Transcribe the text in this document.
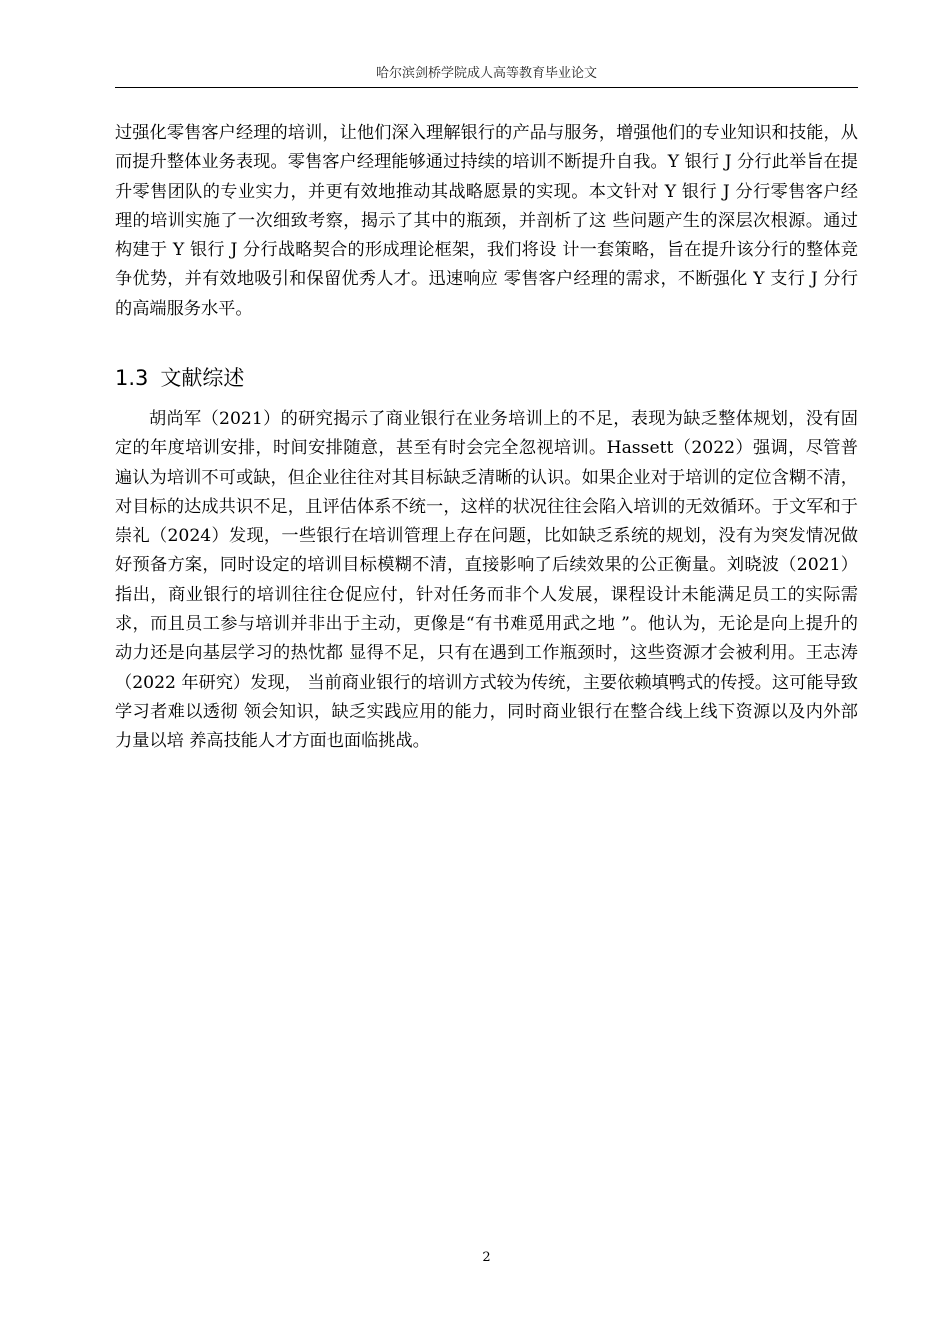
哈尔滨剑桥学院成人高等教育毕业论文

过强化零售客户经理的培训，让他们深入理解银行的产品与服务，增强他们的专业知识和技能，从而提升整体业务表现。零售客户经理能够通过持续的培训不断提升自我。Y 银行 J 分行此举旨在提升零售团队的专业实力，并更有效地推动其战略愿景的实现。本文针对 Y 银行 J 分行零售客户经理的培训实施了一次细致考察，揭示了其中的瓶颈，并剖析了这 些问题产生的深层次根源。通过构建于 Y 银行 J 分行战略契合的形成理论框架，我们将设 计一套策略，旨在提升该分行的整体竞争优势，并有效地吸引和保留优秀人才。迅速响应 零售客户经理的需求，不断强化 Y 支行 J 分行的高端服务水平。

1.3 文献综述

胡尚军（2021）的研究揭示了商业银行在业务培训上的不足，表现为缺乏整体规划，没有固定的年度培训安排，时间安排随意，甚至有时会完全忽视培训。Hassett（2022）强调，尽管普遍认为培训不可或缺，但企业往往对其目标缺乏清晰的认识。如果企业对于培训的定位含糊不清，对目标的达成共识不足，且评估体系不统一，这样的状况往往会陷入培训的无效循环。于文军和于崇礼（2024）发现，一些银行在培训管理上存在问题，比如缺乏系统的规划，没有为突发情况做好预备方案，同时设定的培训目标模糊不清，直接影响了后续效果的公正衡量。刘晓波（2021）指出，商业银行的培训往往仓促应付，针对任务而非个人发展，课程设计未能满足员工的实际需求，而且员工参与培训并非出于主动，更像是“有书难觅用武之地 ”。他认为，无论是向上提升的动力还是向基层学习的热忱都 显得不足，只有在遇到工作瓶颈时，这些资源才会被利用。王志涛（2022 年研究）发现， 当前商业银行的培训方式较为传统，主要依赖填鸭式的传授。这可能导致学习者难以透彻 领会知识，缺乏实践应用的能力，同时商业银行在整合线上线下资源以及内外部力量以培 养高技能人才方面也面临挑战。

2
